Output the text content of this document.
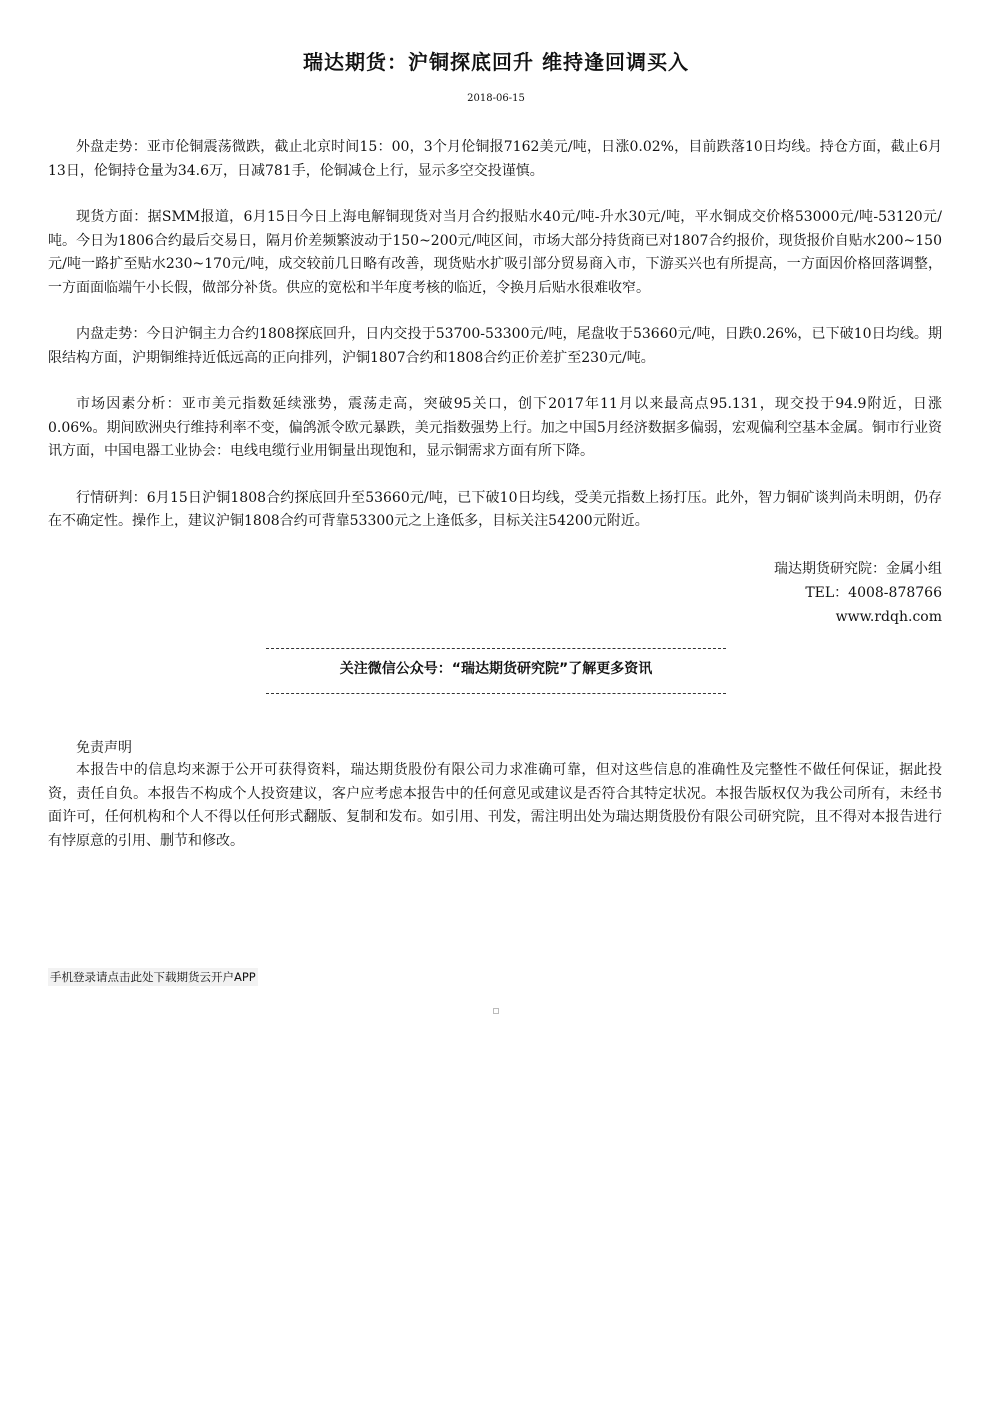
瑞达期货：沪铜探底回升 维持逢回调买入
2018-06-15

外盘走势：亚市伦铜震荡微跌，截止北京时间15：00，3个月伦铜报7162美元/吨，日涨0.02%，目前跌落10日均线。持仓方面，截止6月13日，伦铜持仓量为34.6万，日减781手，伦铜减仓上行，显示多空交投谨慎。

现货方面：据SMM报道，6月15日今日上海电解铜现货对当月合约报贴水40元/吨-升水30元/吨，平水铜成交价格53000元/吨-53120元/吨。今日为1806合约最后交易日，隔月价差频繁波动于150~200元/吨区间，市场大部分持货商已对1807合约报价，现货报价自贴水200~150元/吨一路扩至贴水230~170元/吨，成交较前几日略有改善，现货贴水扩吸引部分贸易商入市，下游买兴也有所提高，一方面因价格回落调整，一方面面临端午小长假，做部分补货。供应的宽松和半年度考核的临近，令换月后贴水很难收窄。

内盘走势：今日沪铜主力合约1808探底回升，日内交投于53700-53300元/吨，尾盘收于53660元/吨，日跌0.26%，已下破10日均线。期限结构方面，沪期铜维持近低远高的正向排列，沪铜1807合约和1808合约正价差扩至230元/吨。

市场因素分析：亚市美元指数延续涨势，震荡走高，突破95关口，创下2017年11月以来最高点95.131，现交投于94.9附近，日涨0.06%。期间欧洲央行维持利率不变，偏鸽派令欧元暴跌，美元指数强势上行。加之中国5月经济数据多偏弱，宏观偏利空基本金属。铜市行业资讯方面，中国电器工业协会：电线电缆行业用铜量出现饱和，显示铜需求方面有所下降。

行情研判：6月15日沪铜1808合约探底回升至53660元/吨，已下破10日均线，受美元指数上扬打压。此外，智力铜矿谈判尚未明朗，仍存在不确定性。操作上，建议沪铜1808合约可背靠53300元之上逢低多，目标关注54200元附近。

瑞达期货研究院：金属小组
TEL：4008-878766
www.rdqh.com
关注微信公众号：“瑞达期货研究院”了解更多资讯

免责声明

本报告中的信息均来源于公开可获得资料，瑞达期货股份有限公司力求准确可靠，但对这些信息的准确性及完整性不做任何保证，据此投资，责任自负。本报告不构成个人投资建议，客户应考虑本报告中的任何意见或建议是否符合其特定状况。本报告版权仅为我公司所有，未经书面许可，任何机构和个人不得以任何形式翻版、复制和发布。如引用、刊发，需注明出处为瑞达期货股份有限公司研究院，且不得对本报告进行有悖原意的引用、删节和修改。

手机登录请点击此处下载期货云开户APP
